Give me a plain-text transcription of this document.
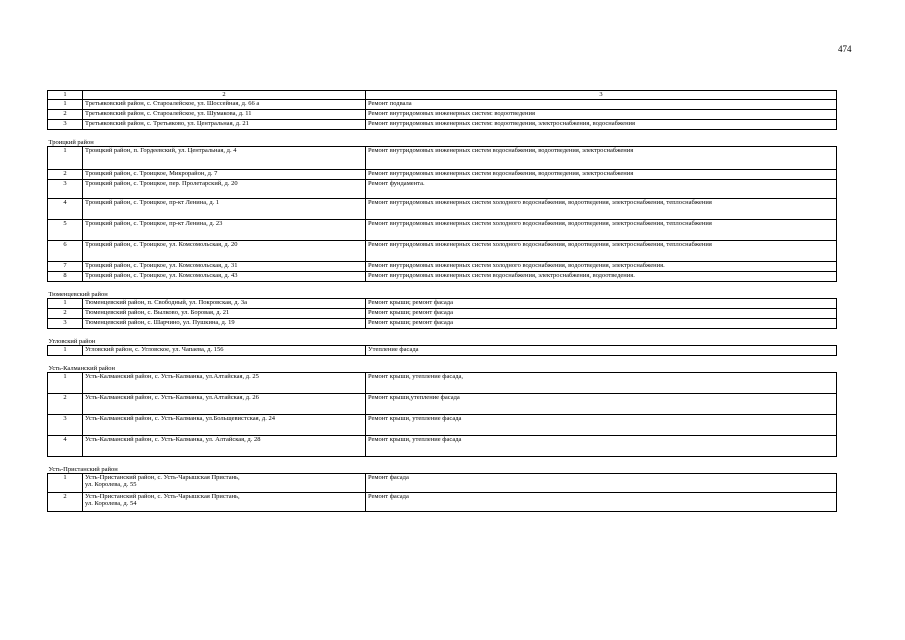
474
1	2	3
1	Третьяковский район, с. Староалейское, ул. Шоссейная, д. 66 а	Ремонт подвала
2	Третьяковский район, с. Староалейское, ул. Шумакова, д. 11	Ремонт внутридомовых инженерных систем: водоотведения
3	Третьяковский район, с. Третьяково, ул. Центральная, д. 21	Ремонт внутридомовых инженерных систем: водоотведения, электроснабжения, водоснабжения
Троицкий район		
1	Троицкий район, п. Гордеевский, ул. Центральная, д. 4	Ремонт внутридомовых инженерных систем водоснабжения, водоотведения, электроснабжения
2	Троицкий район, с. Троицкое, Микрорайон, д. 7	Ремонт внутридомовых инженерных систем водоснабжения, водоотведения, электроснабжения
3	Троицкий район, с. Троицкое, пер. Пролетарский, д. 20	Ремонт фундамента.
4	Троицкий район, с. Троицкое, пр-кт Ленина, д. 1	Ремонт внутридомовых инженерных систем холодного водоснабжения, водоотведения, электроснабжения, теплоснабжения
5	Троицкий район, с. Троицкое, пр-кт Ленина, д. 23	Ремонт внутридомовых инженерных систем холодного водоснабжения, водоотведения, электроснабжения, теплоснабжения
6	Троицкий район, с. Троицкое, ул. Комсомольская, д. 20	Ремонт внутридомовых инженерных систем холодного водоснабжения, водоотведения, электроснабжения, теплоснабжения
7	Троицкий район, с. Троицкое, ул. Комсомольская, д. 31	Ремонт внутридомовых инженерных систем холодного водоснабжения, водоотведения, электроснабжения.
8	Троицкий район, с. Троицкое, ул. Комсомольская, д. 43	Ремонт внутридомовых инженерных систем водоснабжения, электроснабжения, водоотведения.
Тюменцевский район		
1	Тюменцевский район, п. Свободный, ул. Покровская, д. 3а	Ремонт крыши; ремонт фасада
2	Тюменцевский район, с. Вылково, ул. Боровая, д. 21	Ремонт крыши; ремонт фасада
3	Тюменцевский район, с. Шарчино, ул. Пушкина, д. 19	Ремонт крыши; ремонт фасада
Угловский район		
1	Угловский район, с. Угловское, ул. Чапаева, д. 156	Утепление фасада
Усть-Калманский район		
1	Усть-Калманский район, с. Усть-Калманка, ул.Алтайская, д. 25	Ремонт крыши, утепление фасада,
2	Усть-Калманский район, с. Усть-Калманка, ул.Алтайская, д. 26	Ремонт крыши,утепление фасада
3	Усть-Калманский район, с. Усть-Калманка, ул.Больщевистская, д. 24	Ремонт крыши, утепление фасада
4	Усть-Калманский район, с. Усть-Калманка, ул. Алтайская, д. 28	Ремонт крыши, утепление фасада
Усть-Пристанский район		
1	Усть-Пристанский район, с. Усть-Чарышская Пристань,
ул. Королева, д. 55	Ремонт фасада
2	Усть-Пристанский район, с. Усть-Чарышская Пристань,
ул. Королева, д. 54	Ремонт фасада
